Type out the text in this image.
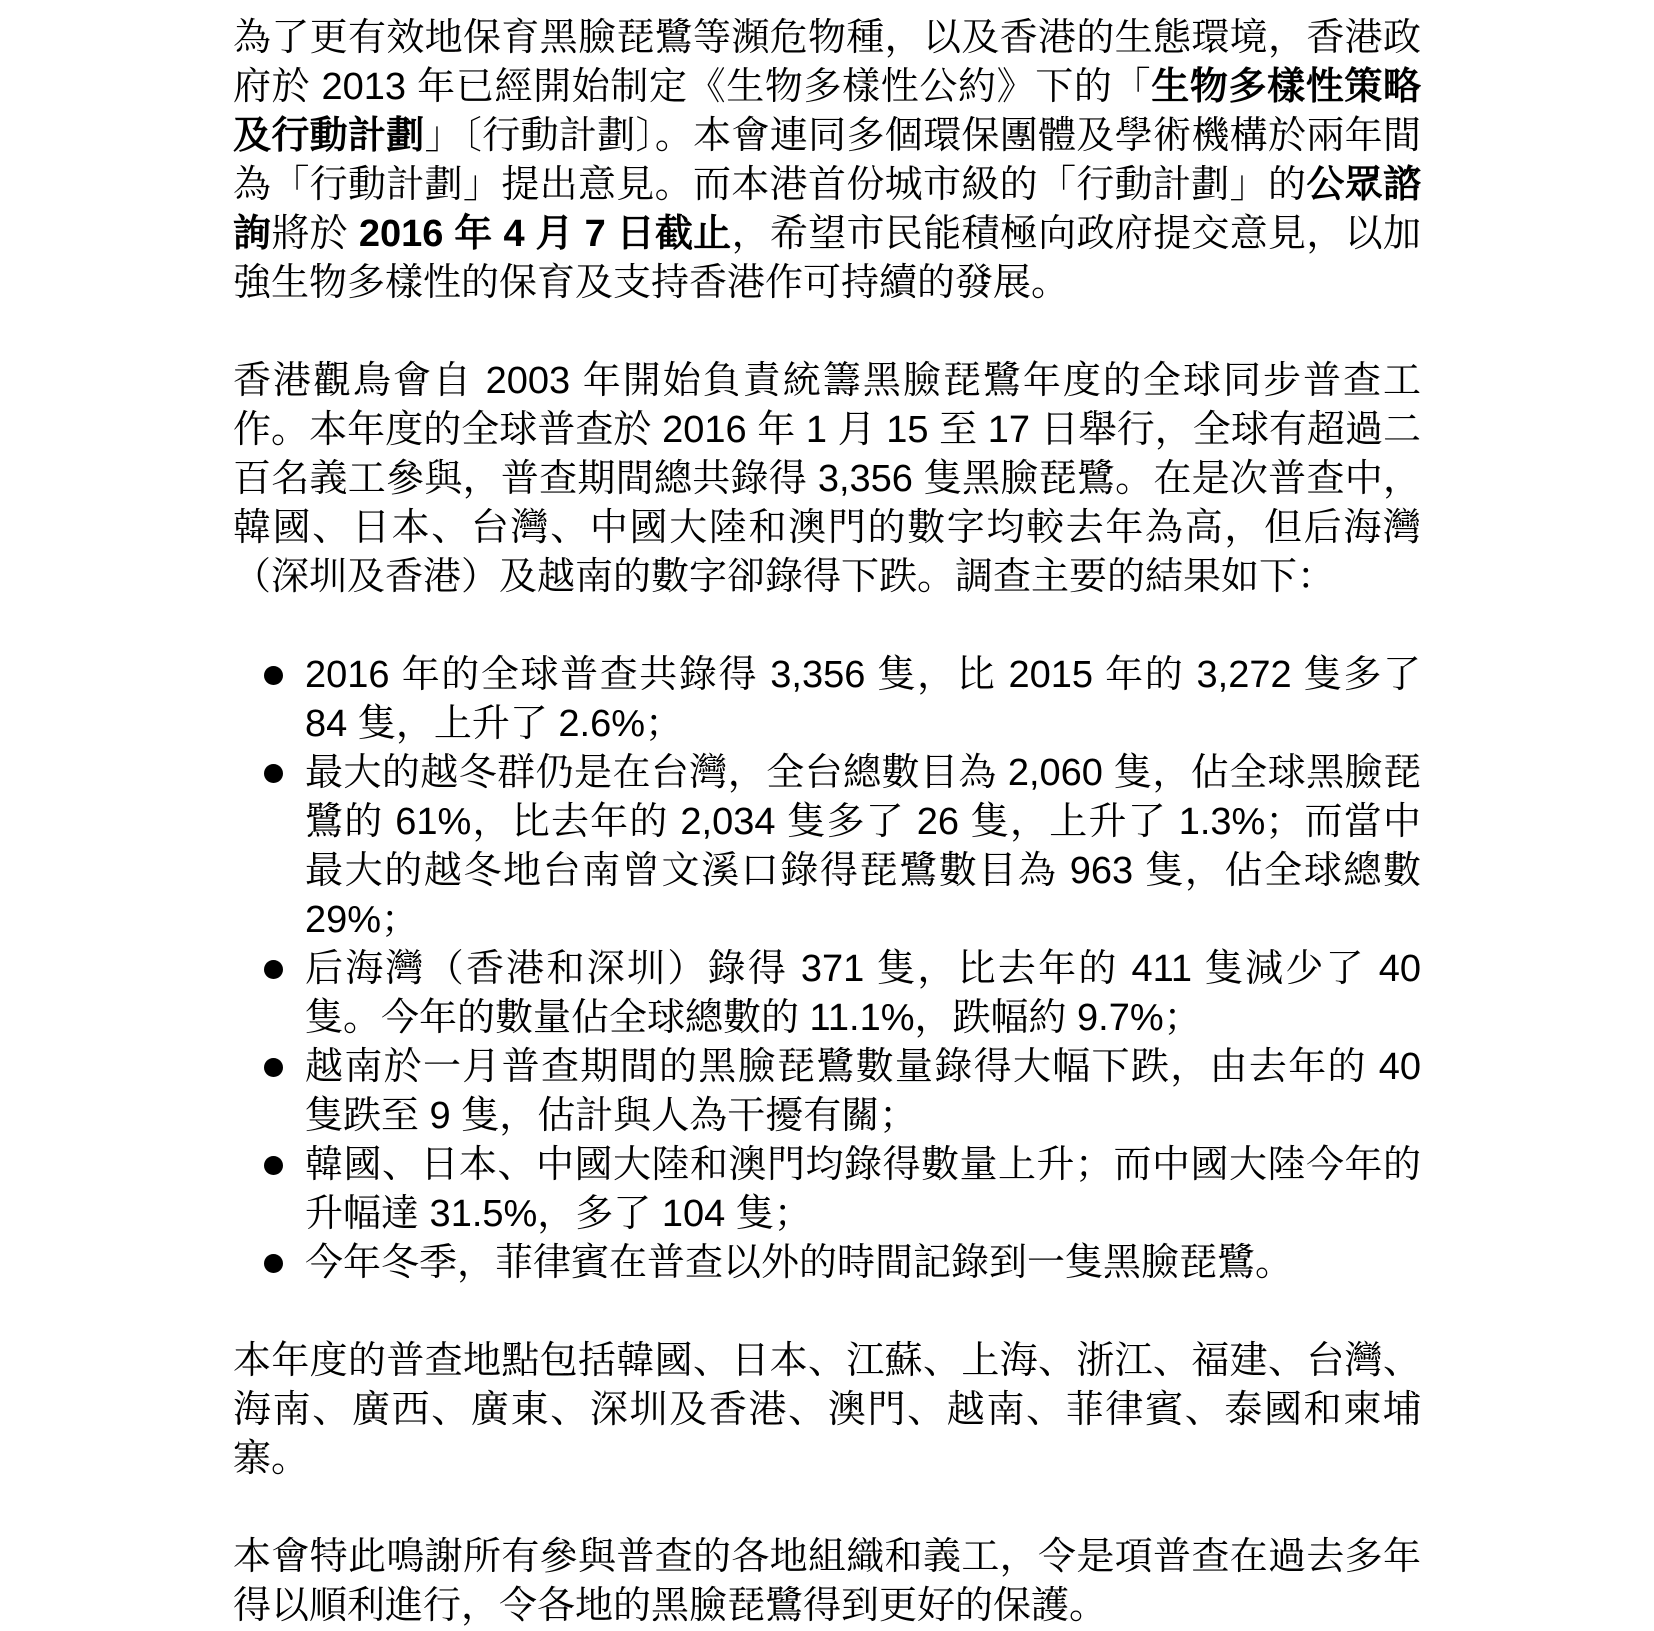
為了更有效地保育黑臉琵鷺等瀕危物種，以及香港的生態環境，香港政府於 2013 年已經開始制定《生物多樣性公約》下的「生物多樣性策略及行動計劃」〔行動計劃〕。本會連同多個環保團體及學術機構於兩年間為「行動計劃」提出意見。而本港首份城市級的「行動計劃」的公眾諮詢將於 2016 年 4 月 7 日截止，希望市民能積極向政府提交意見，以加強生物多樣性的保育及支持香港作可持續的發展。

香港觀鳥會自 2003 年開始負責統籌黑臉琵鷺年度的全球同步普查工作。本年度的全球普查於 2016 年 1 月 15 至 17 日舉行，全球有超過二百名義工參與，普查期間總共錄得 3,356 隻黑臉琵鷺。在是次普查中，韓國、日本、台灣、中國大陸和澳門的數字均較去年為高，但后海灣（深圳及香港）及越南的數字卻錄得下跌。調查主要的結果如下：

2016 年的全球普查共錄得 3,356 隻，比 2015 年的 3,272 隻多了 84 隻，上升了 2.6%；
最大的越冬群仍是在台灣，全台總數目為 2,060 隻，佔全球黑臉琵鷺的 61%，比去年的 2,034 隻多了 26 隻，上升了 1.3%；而當中最大的越冬地台南曾文溪口錄得琵鷺數目為 963 隻，佔全球總數 29%；
后海灣（香港和深圳）錄得 371 隻，比去年的 411 隻減少了 40 隻。今年的數量佔全球總數的 11.1%，跌幅約 9.7%；
越南於一月普查期間的黑臉琵鷺數量錄得大幅下跌，由去年的 40 隻跌至 9 隻，估計與人為干擾有關；
韓國、日本、中國大陸和澳門均錄得數量上升；而中國大陸今年的升幅達 31.5%，多了 104 隻；
今年冬季，菲律賓在普查以外的時間記錄到一隻黑臉琵鷺。

本年度的普查地點包括韓國、日本、江蘇、上海、浙江、福建、台灣、海南、廣西、廣東、深圳及香港、澳門、越南、菲律賓、泰國和柬埔寨。

本會特此鳴謝所有參與普查的各地組織和義工，令是項普查在過去多年得以順利進行，令各地的黑臉琵鷺得到更好的保護。
